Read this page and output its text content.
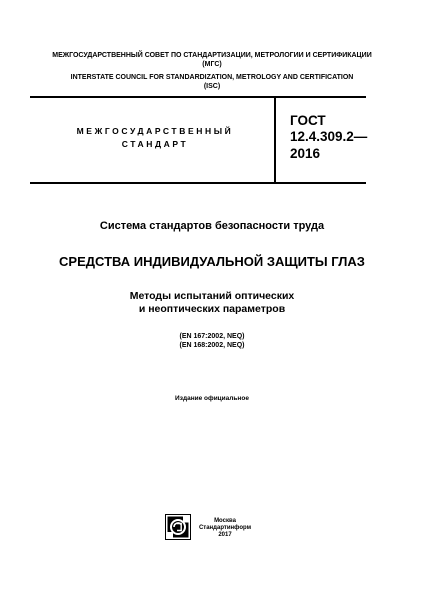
МЕЖГОСУДАРСТВЕННЫЙ СОВЕТ ПО СТАНДАРТИЗАЦИИ, МЕТРОЛОГИИ И СЕРТИФИКАЦИИ
(МГС)
INTERSTATE COUNCIL FOR STANDARDIZATION, METROLOGY AND CERTIFICATION
(ISC)
МЕЖГОСУДАРСТВЕННЫЙ
СТАНДАРТ
ГОСТ
12.4.309.2—
2016
Система стандартов безопасности труда
СРЕДСТВА ИНДИВИДУАЛЬНОЙ ЗАЩИТЫ ГЛАЗ
Методы испытаний оптических
и неоптических параметров
(EN 167:2002, NEQ)
(EN 168:2002, NEQ)
Издание официальное
Москва
Стандартинформ
2017
